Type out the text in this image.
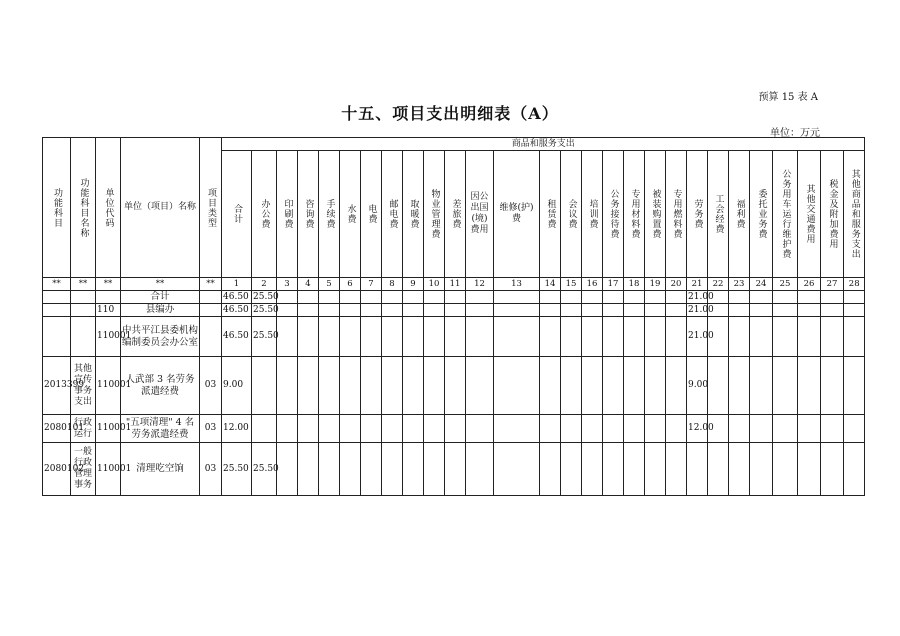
预算 15 表 A
十五、项目支出明细表（A）
单位：万元
功能科目	功能科目名称	单位代码	单位（项目）名称	项目类型	商品和服务支出																											
					合计	办公费	印刷费	咨询费	手续费	水费	电费	邮电费	取暖费	物业管理费	差旅费	因公出国(境)费用	维修(护)费	租赁费	会议费	培训费	公务接待费	专用材料费	被装购置费	专用燃料费	劳务费	工会经费	福利费	委托业务费	公务用车运行维护费	其他交通费用	税金及附加费用	其他商品和服务支出
**	**	**	**	**	1	2	3	4	5	6	7	8	9	10	11	12	13	14	15	16	17	18	19	20	21	22	23	24	25	26	27	28
			合计		46.50	25.50																			21.00							
		110	县编办		46.50	25.50																			21.00							
		110001	中共平江县委机构编制委员会办公室		46.50	25.50																			21.00							
2013399	其他宣传事务支出	110001	人武部 3 名劳务派遣经费	03	9.00																				9.00							
2080101	行政运行	110001	"五项清理" 4 名劳务派遣经费	03	12.00																				12.00							
2080102	一般行政管理事务	110001	清理吃空饷	03	25.50	25.50																										
